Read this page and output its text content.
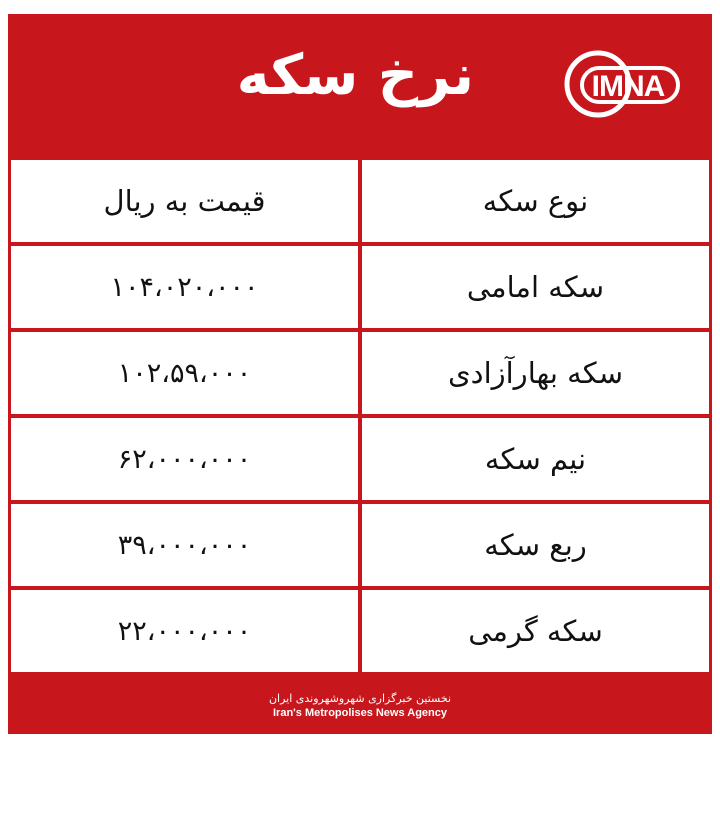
نرخ سکه	IMNA
نوع سکه
قیمت به ریال
سکه امامی
۱۰۴،۰۲۰،۰۰۰
سکه بهارآزادی
۱۰۲،۵۹،۰۰۰
نیم سکه
۶۲،۰۰۰،۰۰۰
ربع سکه
۳۹،۰۰۰،۰۰۰
سکه گرمی
۲۲،۰۰۰،۰۰۰
نخستین خبرگزاری شهروشهروندی ایران
Iran's Metropolises News Agency
